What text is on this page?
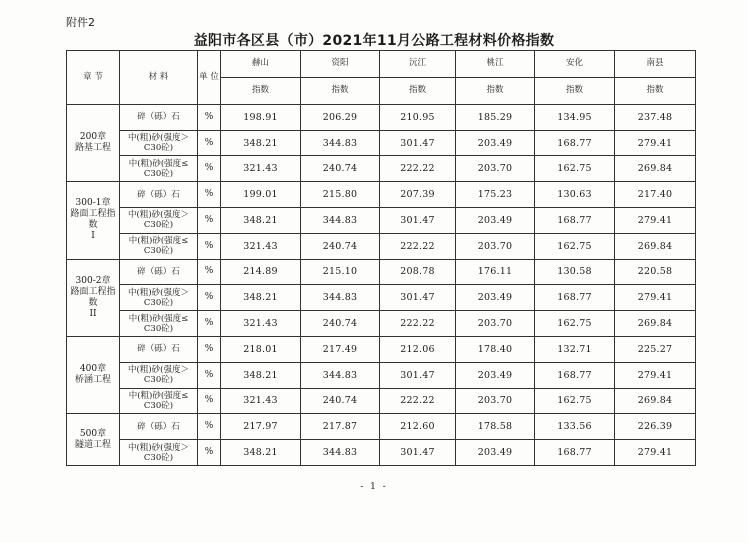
附件2
益阳市各区县（市）2021年11月公路工程材料价格指数
章 节	材 料	单 位	赫山	资阳	沅江	桃江	安化	南县
			指数	指数	指数	指数	指数	指数
200章
路基工程	碎（砾）石	%	198.91	206.29	210.95	185.29	134.95	237.48
	中(粗)砂(强度＞
C30砼)	%	348.21	344.83	301.47	203.49	168.77	279.41
	中(粗)砂(强度≤
C30砼)	%	321.43	240.74	222.22	203.70	162.75	269.84
300-1章
路面工程指数
I	碎（砾）石	%	199.01	215.80	207.39	175.23	130.63	217.40
	中(粗)砂(强度＞
C30砼)	%	348.21	344.83	301.47	203.49	168.77	279.41
	中(粗)砂(强度≤
C30砼)	%	321.43	240.74	222.22	203.70	162.75	269.84
300-2章
路面工程指数
II	碎（砾）石	%	214.89	215.10	208.78	176.11	130.58	220.58
	中(粗)砂(强度＞
C30砼)	%	348.21	344.83	301.47	203.49	168.77	279.41
	中(粗)砂(强度≤
C30砼)	%	321.43	240.74	222.22	203.70	162.75	269.84
400章
桥涵工程	碎（砾）石	%	218.01	217.49	212.06	178.40	132.71	225.27
	中(粗)砂(强度＞
C30砼)	%	348.21	344.83	301.47	203.49	168.77	279.41
	中(粗)砂(强度≤
C30砼)	%	321.43	240.74	222.22	203.70	162.75	269.84
500章
隧道工程	碎（砾）石	%	217.97	217.87	212.60	178.58	133.56	226.39
	中(粗)砂(强度＞
C30砼)	%	348.21	344.83	301.47	203.49	168.77	279.41
- 1 -
